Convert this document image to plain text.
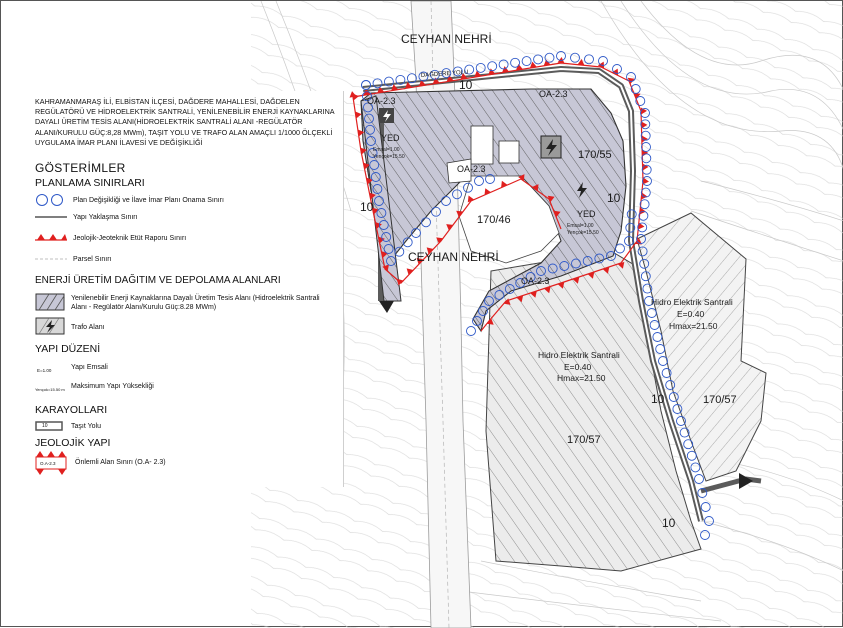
CEYHAN NEHRİ
CEYHAN NEHRİ
DAĞDERE YOLU
170/55
170/46
170/57
170/57
OA-2.3
OA-2.3
OA-2.3
OA-2.3
10
10
10
10
10
YED
Emsal=1.00
Yençok=15.50
YED
Emsal=1.00
Yençok=15.50
Hidro Elektrik Santrali
E=0.40
Hmax=21.50
Hidro Elektrik Santrali
E=0.40
Hmax=21.50
KAHRAMANMARAŞ İLİ, ELBİSTAN İLÇESİ, DAĞDERE MAHALLESİ, DAĞDELEN REGÜLATÖRÜ VE HİDROELEKTRİK SANTRALİ, YENİLENEBİLİR ENERJİ KAYNAKLARINA DAYALI ÜRETİM TESİS ALANI(HİDROELEKTRİK SANTRALİ ALANI -REGÜLATÖR ALANI/KURULU GÜÇ:8,28 MWm), TAŞIT YOLU VE TRAFO ALAN AMAÇLI 1/1000 ÖLÇEKLİ UYGULAMA İMAR PLANI İLAVESİ VE DEĞİŞİKLİĞİ
GÖSTERİMLER
PLANLAMA SINIRLARI
Plan Değişikliği ve İlave İmar Planı Onama Sınırı
Yapı Yaklaşma Sınırı
Jeolojik-Jeoteknik Etüt Raporu Sınırı
Parsel Sınırı
ENERJİ ÜRETİM DAĞITIM VE DEPOLAMA ALANLARI
Yenilenebilir Enerji Kaynaklarına Dayalı Üretim Tesis Alanı (Hidroelektrik Santrali Alanı - Regülatör Alanı/Kurulu Güç:8.28 MWm)
Trafo Alanı
YAPI DÜZENİ
E=1.00	Yapı Emsali
Yençok=15.50 m Maksimum Yapı Yüksekliği
KARAYOLLARI
10	Taşıt Yolu
JEOLOJİK YAPI
O.A-2.3	Önlemli Alan Sınırı (O.A- 2.3)
